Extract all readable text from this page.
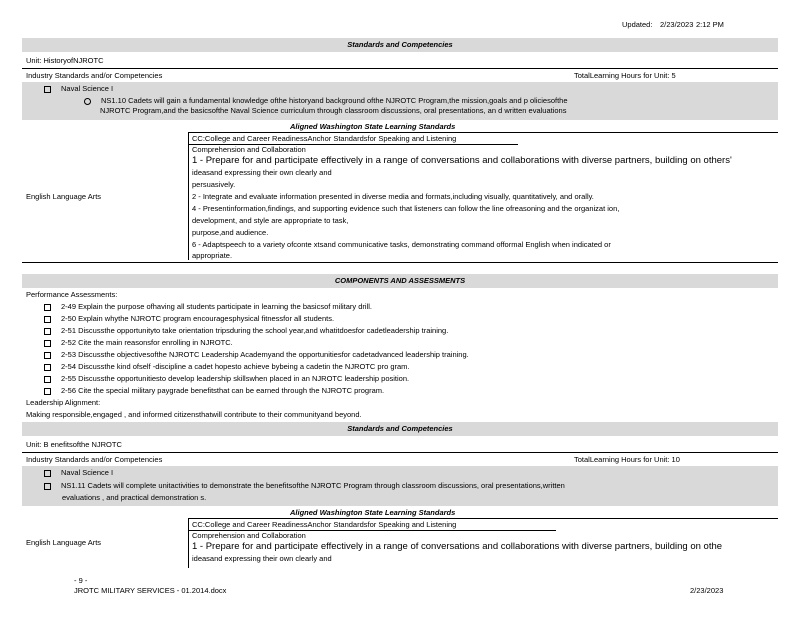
Updated: 2/23/2023 2:12 PM
Standards and Competencies
Unit: HistoryofNJROTC
Industry Standards and/or Competencies	TotalLearning Hours for Unit: 5
Naval Science I
NS1.10 Cadets will gain a fundamental knowledge ofthe historyand background ofthe NJROTC Program,the mission,goals and p oliciesofthe
NJROTC Program,and the basicsofthe Naval Science curriculum through classroom discussions, oral presentations, an d written evaluations
Aligned Washington State Learning Standards
English Language Arts
CC:College and Career ReadinessAnchor Standardsfor Speaking and Listening
Comprehension and Collaboration
1 - Prepare for and participate effectively in a range of conversations and collaborations with diverse partners, building on others'
ideasand expressing their own clearly and
persuasively.
2 - Integrate and evaluate information presented in diverse media and formats,including visually, quantitatively, and orally.
4 - Presentinformation,findings, and supporting evidence such that listeners can follow the line ofreasoning and the organizat ion,
development, and style are appropriate to task,
purpose,and audience.
6 - Adaptspeech to a variety ofconte xtsand communicative tasks, demonstrating command offormal English when indicated or
appropriate.
COMPONENTS AND ASSESSMENTS
Performance Assessments:
2-49 Explain the purpose ofhaving all students participate in learning the basicsof military drill.
2-50 Explain whythe NJROTC program encouragesphysical fitnessfor all students.
2-51 Discussthe opportunityto take orientation tripsduring the school year,and whatitdoesfor cadetleadership training.
2-52 Cite the main reasonsfor enrolling in NJROTC.
2-53 Discussthe objectivesofthe NJROTC Leadership Academyand the opportunitiesfor cadetadvanced leadership training.
2-54 Discussthe kind ofself -discipline a cadet hopesto achieve bybeing a cadetin the NJROTC pro gram.
2-55 Discussthe opportunitiesto develop leadership skillswhen placed in an NJROTC leadership position.
2-56 Cite the special military paygrade benefitsthat can be earned through the NJROTC program.
Leadership Alignment:
Making responsible,engaged , and informed citizensthatwill contribute to their communityand beyond.
Standards and Competencies
Unit: B enefitsofthe NJROTC
Industry Standards and/or Competencies	TotalLearning Hours for Unit: 10
Naval Science I
NS1.11 Cadets will complete unitactivities to demonstrate the benefitsofthe NJROTC Program through classroom discussions, oral presentations,written
evaluations , and practical demonstration s.
Aligned Washington State Learning Standards
English Language Arts
CC:College and Career ReadinessAnchor Standardsfor Speaking and Listening
Comprehension and Collaboration
1 - Prepare for and participate effectively in a range of conversations and collaborations with diverse partners, building on othe
ideasand expressing their own clearly and
- 9 -
JROTC MILITARY SERVICES - 01.2014.docx	2/23/2023
